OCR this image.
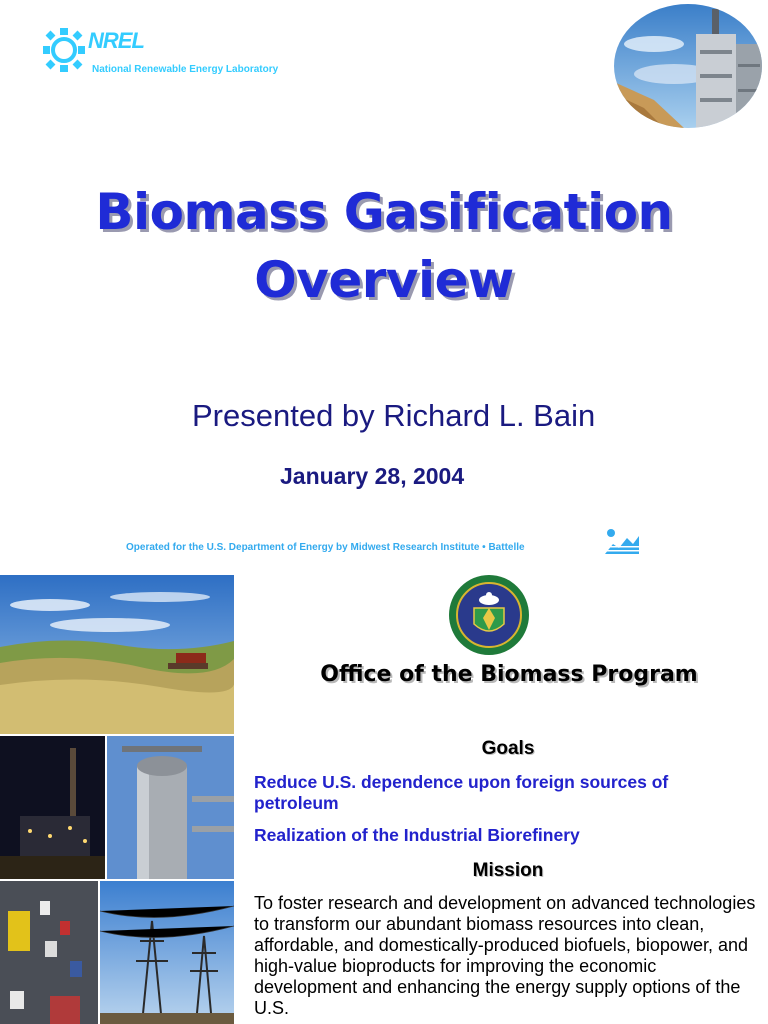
NREL
National Renewable Energy Laboratory
Biomass Gasification
Overview
Presented by Richard L. Bain
January 28, 2004
Operated for the U.S. Department of Energy by Midwest Research Institute • Battelle
Office of the Biomass Program
Goals
Reduce U.S. dependence upon foreign sources of petroleum
Realization of the Industrial Biorefinery
Mission
To foster research and development on advanced technologies to transform our abundant biomass resources into clean, affordable, and domestically-produced biofuels, biopower, and high-value bioproducts for improving the economic development and enhancing the energy supply options of the U.S.
